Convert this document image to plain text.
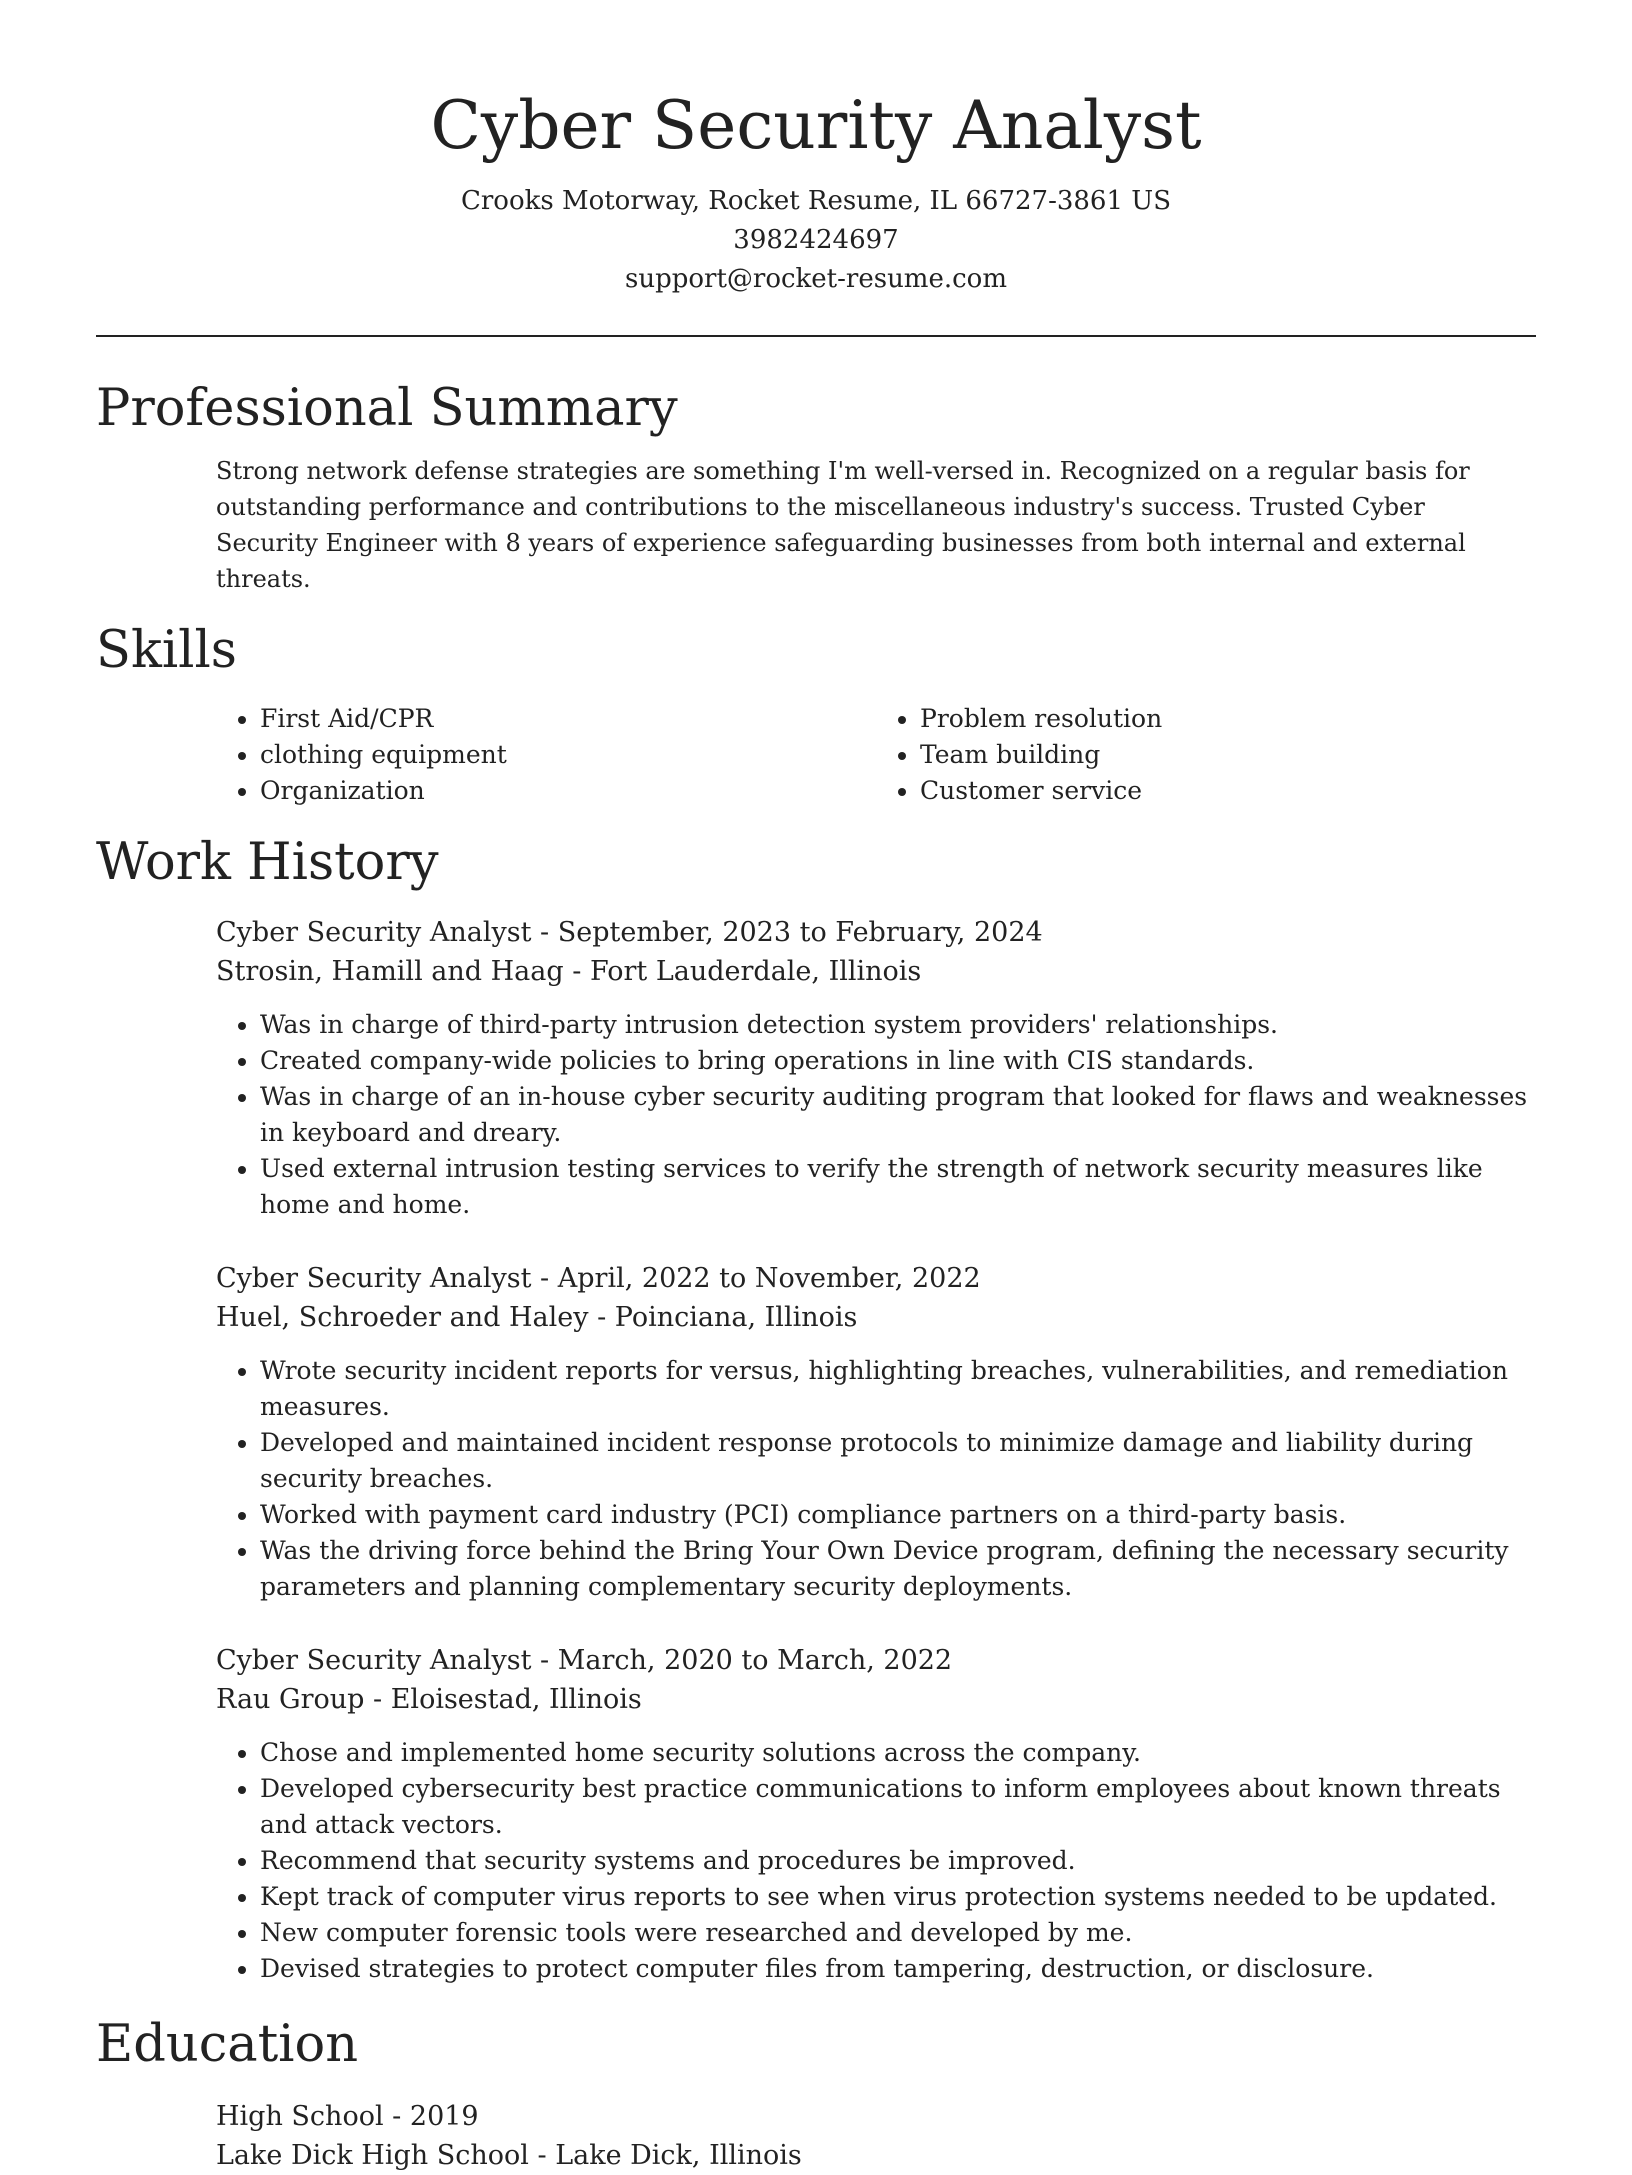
Cyber Security Analyst
Crooks Motorway, Rocket Resume, IL 66727-3861 US
3982424697
support@rocket-resume.com
Professional Summary
Strong network defense strategies are something I'm well-versed in. Recognized on a regular basis for outstanding performance and contributions to the miscellaneous industry's success. Trusted Cyber Security Engineer with 8 years of experience safeguarding businesses from both internal and external threats.
Skills
• First Aid/CPR
• clothing equipment
• Organization
• Problem resolution
• Team building
• Customer service
Work History
Cyber Security Analyst - September, 2023 to February, 2024
Strosin, Hamill and Haag - Fort Lauderdale, Illinois
• Was in charge of third-party intrusion detection system providers' relationships.
• Created company-wide policies to bring operations in line with CIS standards.
• Was in charge of an in-house cyber security auditing program that looked for flaws and weaknesses in keyboard and dreary.
• Used external intrusion testing services to verify the strength of network security measures like home and home.
Cyber Security Analyst - April, 2022 to November, 2022
Huel, Schroeder and Haley - Poinciana, Illinois
• Wrote security incident reports for versus, highlighting breaches, vulnerabilities, and remediation measures.
• Developed and maintained incident response protocols to minimize damage and liability during security breaches.
• Worked with payment card industry (PCI) compliance partners on a third-party basis.
• Was the driving force behind the Bring Your Own Device program, defining the necessary security parameters and planning complementary security deployments.
Cyber Security Analyst - March, 2020 to March, 2022
Rau Group - Eloisestad, Illinois
• Chose and implemented home security solutions across the company.
• Developed cybersecurity best practice communications to inform employees about known threats and attack vectors.
• Recommend that security systems and procedures be improved.
• Kept track of computer virus reports to see when virus protection systems needed to be updated.
• New computer forensic tools were researched and developed by me.
• Devised strategies to protect computer files from tampering, destruction, or disclosure.
Education
High School - 2019
Lake Dick High School - Lake Dick, Illinois
